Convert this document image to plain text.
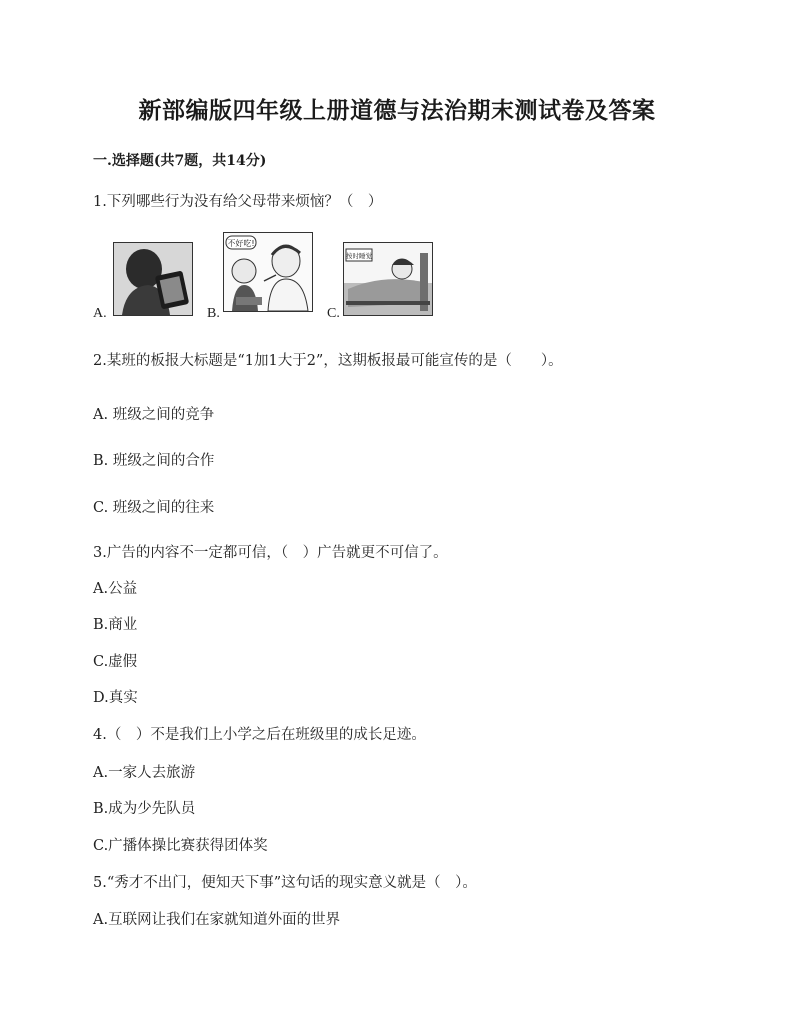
新部编版四年级上册道德与法治期末测试卷及答案
一.选择题(共7题，共14分)
1.下列哪些行为没有给父母带来烦恼？（　）
A.	B.
不好吃!
C.
按时睡觉
2.某班的板报大标题是“1加1大于2”，这期板报最可能宣传的是（　　）。
A. 班级之间的竞争
B. 班级之间的合作
C. 班级之间的往来
3.广告的内容不一定都可信，（　）广告就更不可信了。
A.公益
B.商业
C.虚假
D.真实
4.（　）不是我们上小学之后在班级里的成长足迹。
A.一家人去旅游
B.成为少先队员
C.广播体操比赛获得团体奖
5.“秀才不出门，便知天下事”这句话的现实意义就是（　）。
A.互联网让我们在家就知道外面的世界
